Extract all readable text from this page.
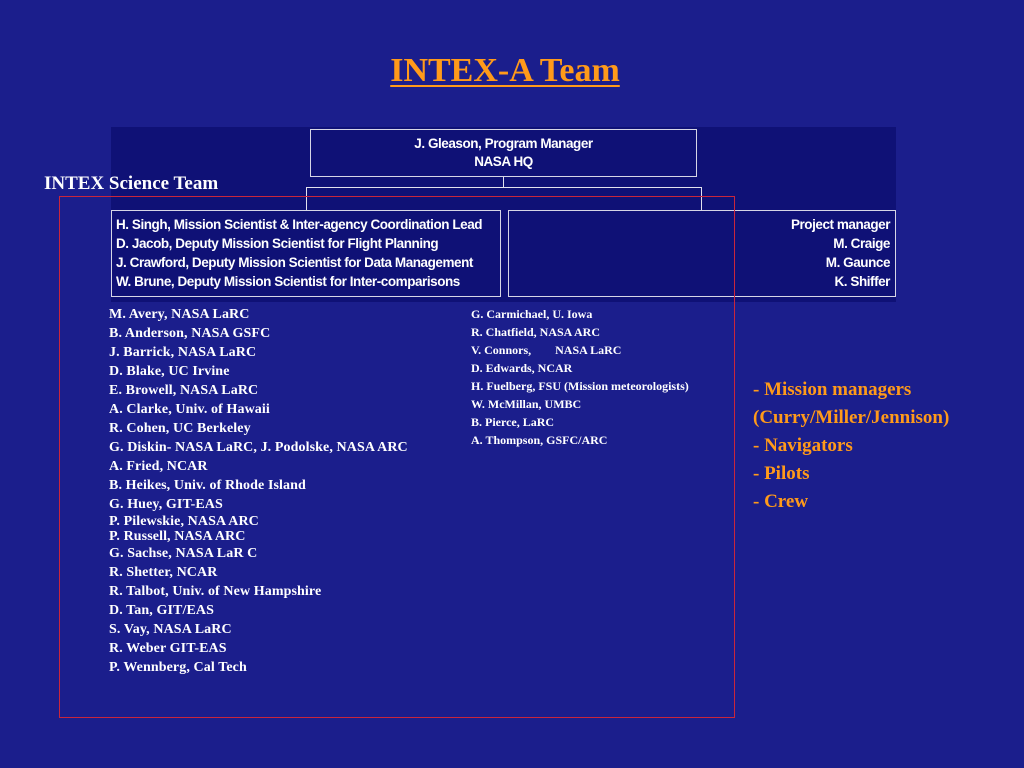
INTEX-A Team
J. Gleason, Program Manager
NASA HQ
H. Singh, Mission Scientist & Inter-agency Coordination Lead
D. Jacob, Deputy Mission Scientist for Flight Planning
J. Crawford, Deputy Mission Scientist for Data Management
W. Brune, Deputy Mission Scientist for Inter-comparisons
Project manager
M. Craige
M. Gaunce
K. Shiffer
INTEX Science Team
M. Avery, NASA LaRC
B. Anderson, NASA GSFC
J. Barrick, NASA LaRC
D. Blake, UC Irvine
E. Browell, NASA LaRC
A. Clarke, Univ. of Hawaii
R. Cohen, UC Berkeley
G. Diskin- NASA LaRC, J. Podolske, NASA ARC
A. Fried, NCAR
B. Heikes, Univ. of Rhode Island
G. Huey, GIT-EAS
P. Pilewskie, NASA ARC
P. Russell, NASA ARC
G. Sachse, NASA LaR C
R. Shetter, NCAR
R. Talbot, Univ. of New Hampshire
D. Tan, GIT/EAS
S. Vay, NASA LaRC
R. Weber GIT-EAS
P. Wennberg, Cal Tech
G. Carmichael, U. Iowa
R. Chatfield, NASA ARC
V. Connors,        NASA LaRC
D. Edwards, NCAR
H. Fuelberg, FSU (Mission meteorologists)
W. McMillan, UMBC
B. Pierce, LaRC
A. Thompson, GSFC/ARC
- Mission managers
(Curry/Miller/Jennison)
- Navigators
- Pilots
- Crew
